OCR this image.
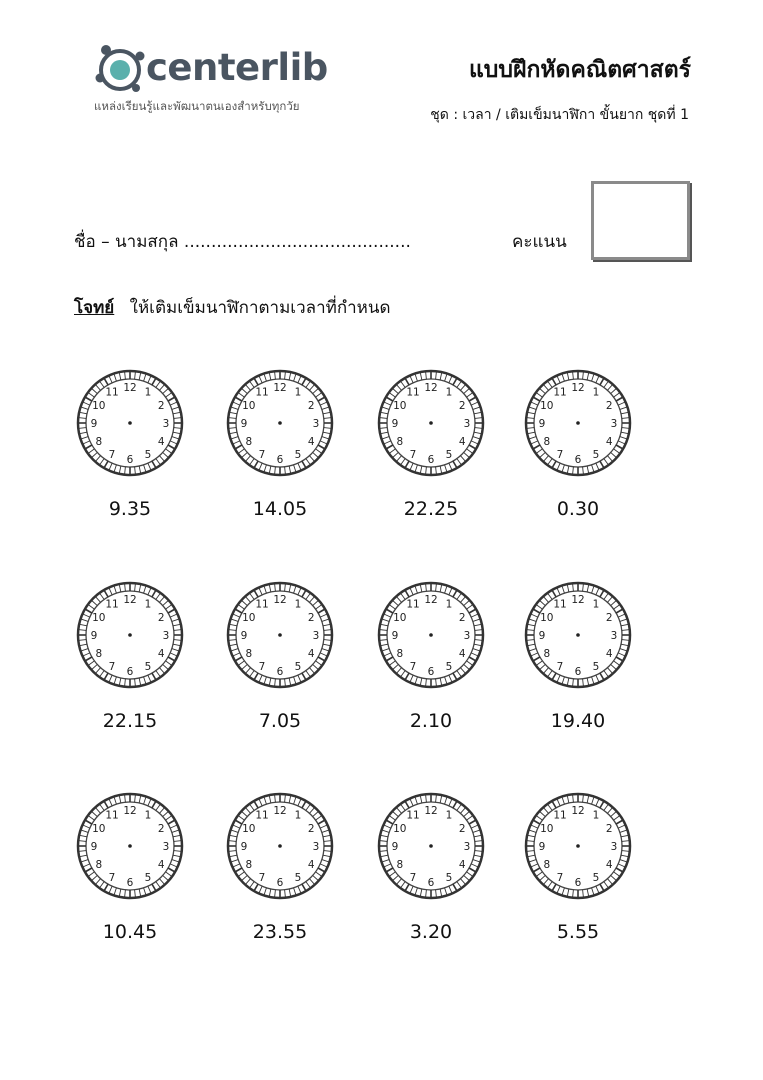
centerlib
แหล่งเรียนรู้และพัฒนาตนเองสำหรับทุกวัย
แบบฝึกหัดคณิตศาสตร์
ชุด : เวลา / เติมเข็มนาฬิกา ขั้นยาก ชุดที่ 1
ชื่อ – นามสกุล ..........................................	คะแนน
โจทย์ ให้เติมเข็มนาฬิกาตามเวลาที่กำหนด
12 1
2
3
4
5
6
7
8
9
10
11
9.35
12 1
2
3
4
5
6
7
8
9
10
11
14.05
12 1
2
3
4
5
6
7
8
9
10
11
22.25
12 1
2
3
4
5
6
7
8
9
10
11
0.30
12 1
2
3
4
5
6
7
8
9
10
11
22.15
12 1
2
3
4
5
6
7
8
9
10
11
7.05
12 1
2
3
4
5
6
7
8
9
10
11
2.10
12 1
2
3
4
5
6
7
8
9
10
11
19.40
12 1
2
3
4
5
6
7
8
9
10
11
10.45
12 1
2
3
4
5
6
7
8
9
10
11
23.55
12 1
2
3
4
5
6
7
8
9
10
11
3.20
12 1
2
3
4
5
6
7
8
9
10
11
5.55
